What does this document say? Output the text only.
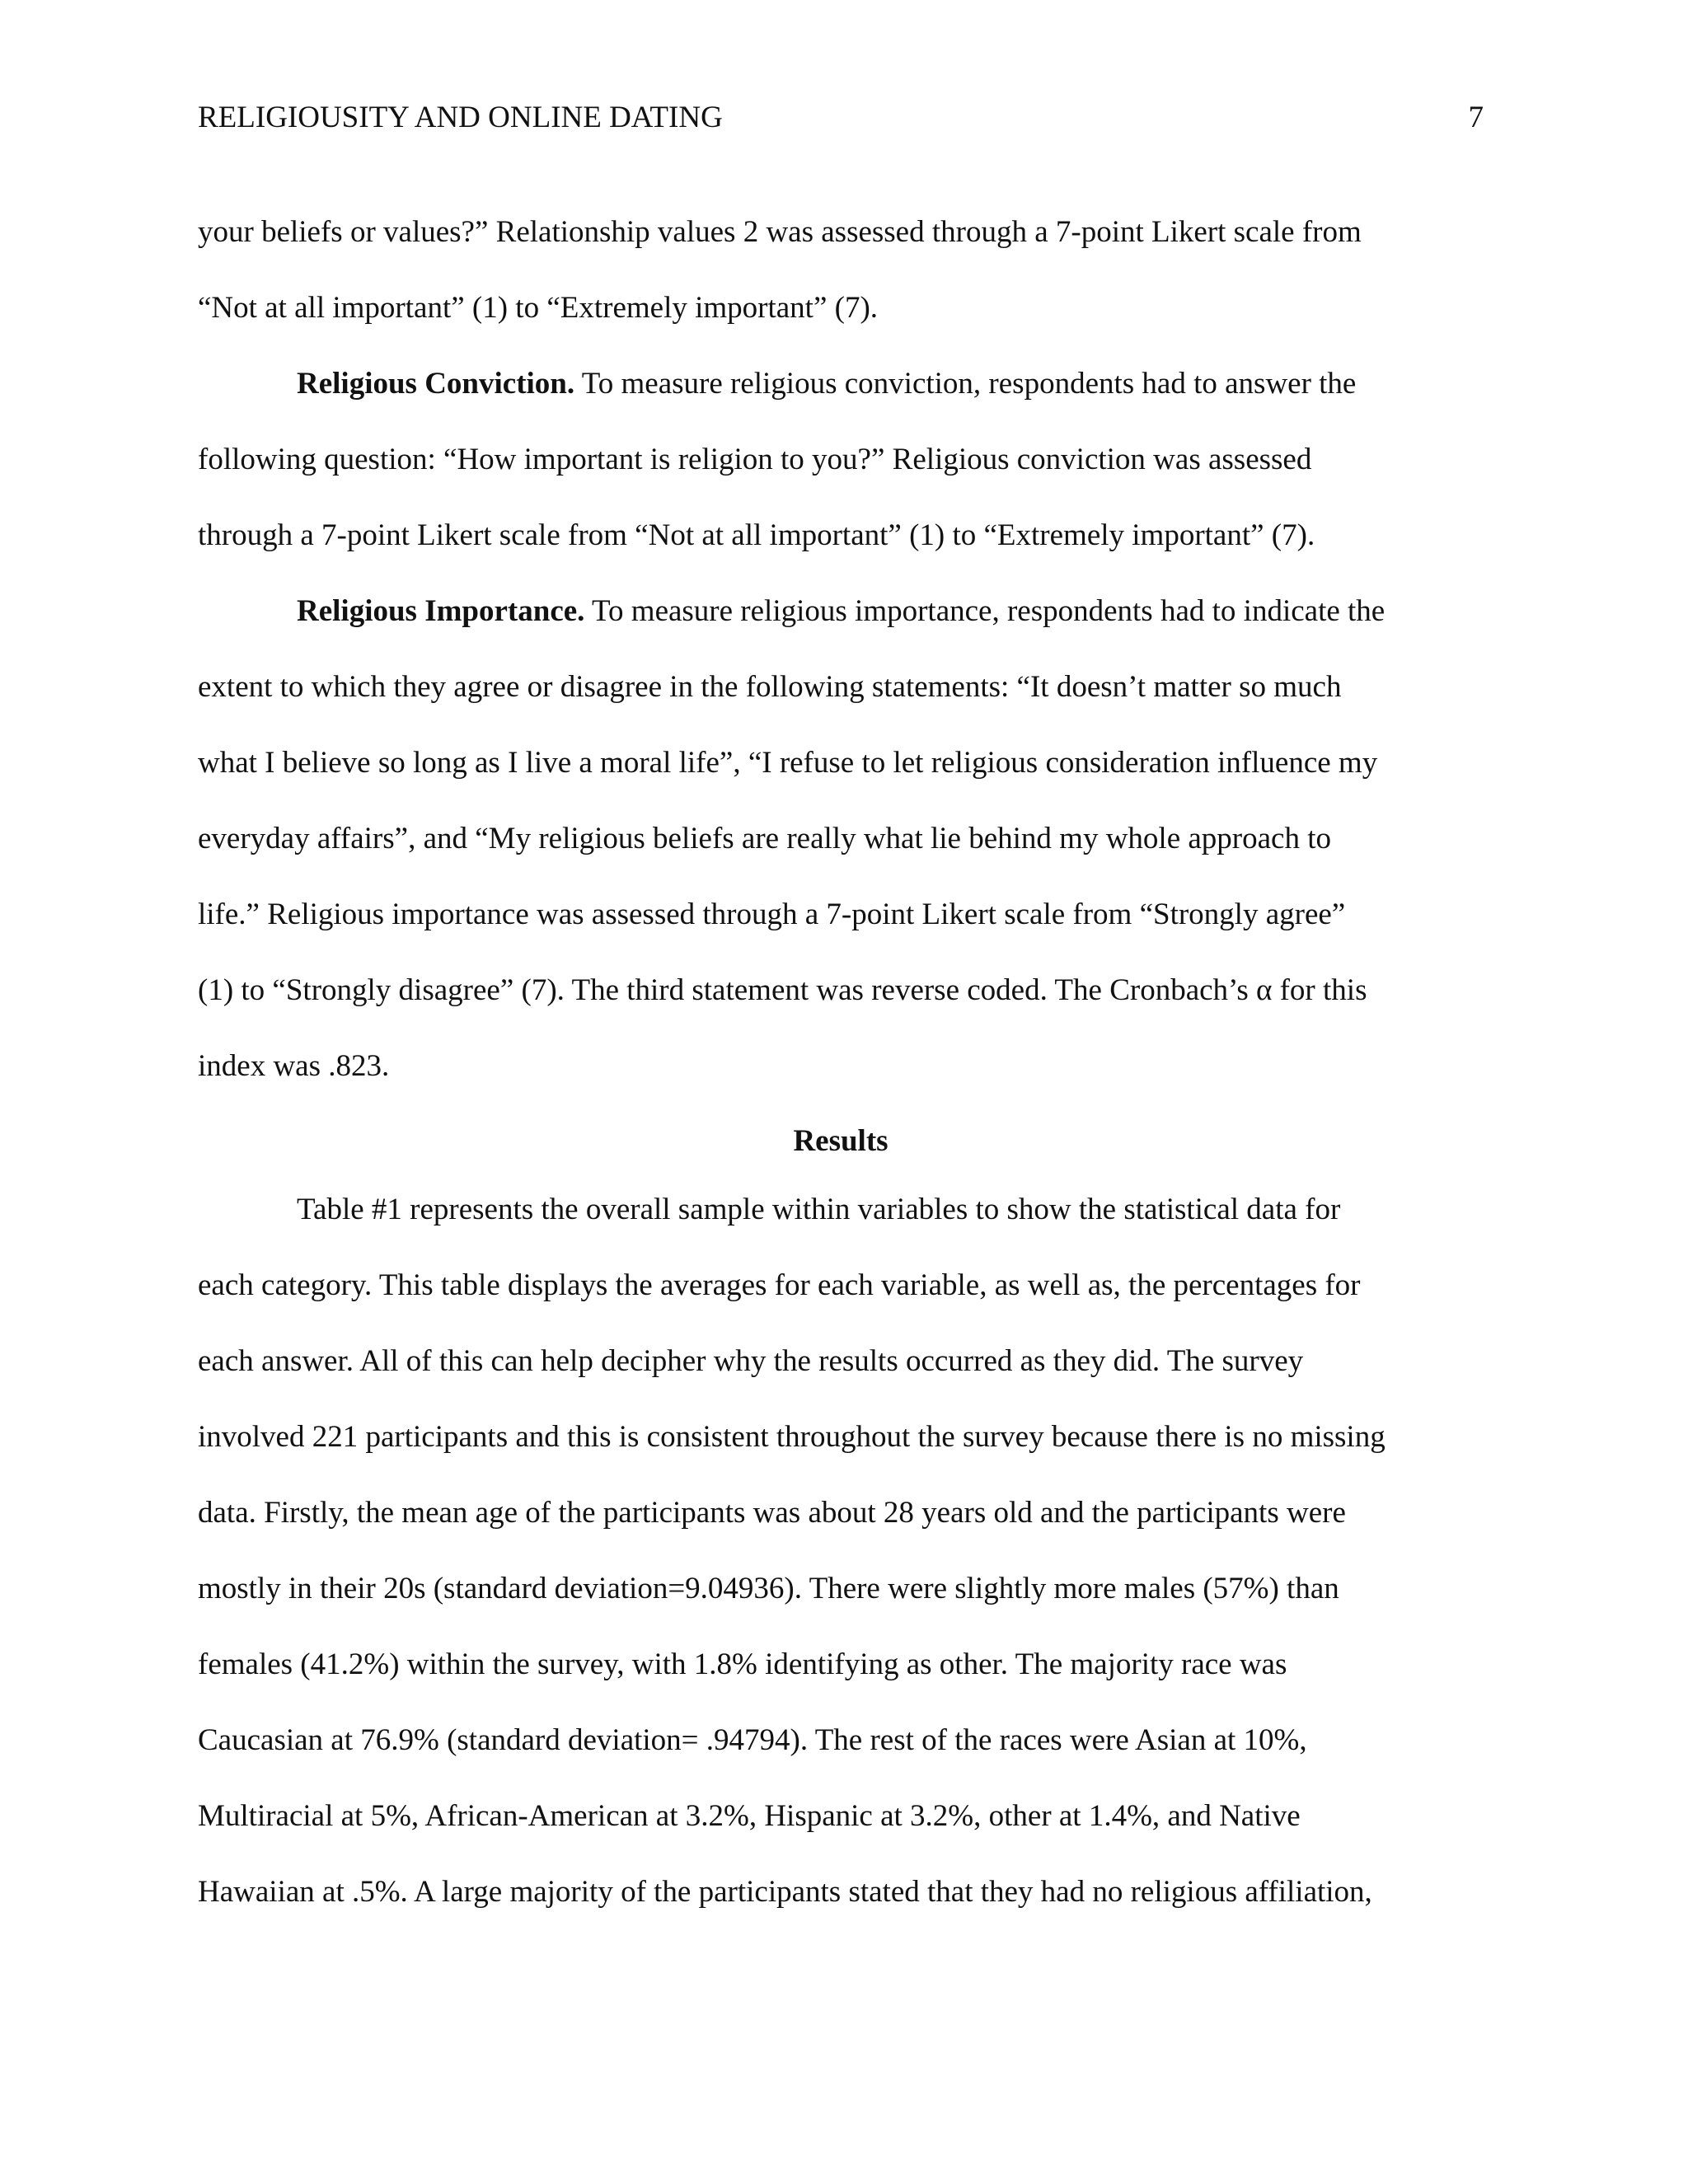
RELIGIOUSITY AND ONLINE DATING	7
your beliefs or values?” Relationship values 2 was assessed through a 7-point Likert scale from
“Not at all important” (1) to “Extremely important” (7).
Religious Conviction. To measure religious conviction, respondents had to answer the
following question: “How important is religion to you?” Religious conviction was assessed
through a 7-point Likert scale from “Not at all important” (1) to “Extremely important” (7).
Religious Importance. To measure religious importance, respondents had to indicate the
extent to which they agree or disagree in the following statements: “It doesn’t matter so much
what I believe so long as I live a moral life”, “I refuse to let religious consideration influence my
everyday affairs”, and “My religious beliefs are really what lie behind my whole approach to
life.” Religious importance was assessed through a 7-point Likert scale from “Strongly agree”
(1) to “Strongly disagree” (7). The third statement was reverse coded. The Cronbach’s α for this
index was .823.
Results
Table #1 represents the overall sample within variables to show the statistical data for
each category. This table displays the averages for each variable, as well as, the percentages for
each answer. All of this can help decipher why the results occurred as they did. The survey
involved 221 participants and this is consistent throughout the survey because there is no missing
data. Firstly, the mean age of the participants was about 28 years old and the participants were
mostly in their 20s (standard deviation=9.04936). There were slightly more males (57%) than
females (41.2%) within the survey, with 1.8% identifying as other. The majority race was
Caucasian at 76.9% (standard deviation= .94794). The rest of the races were Asian at 10%,
Multiracial at 5%, African-American at 3.2%, Hispanic at 3.2%, other at 1.4%, and Native
Hawaiian at .5%. A large majority of the participants stated that they had no religious affiliation,
